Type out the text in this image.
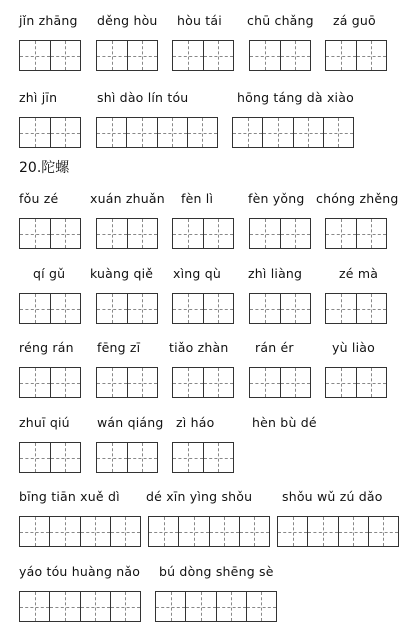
jǐn zhāng děng hòu hòu tái chū chǎng zá guō
zhì jīn	shì dào lín tóu	hōng táng dà xiào
20.陀螺
fǒu zé	xuán zhuǎn fèn lì	fèn yǒng chóng zhěng
qí gǔ kuàng qiě xìng qù zhì liàng	zé mà
réng rán fēng zī tiǎo zhàn rán ér	yù liào
zhuī qiú wán qiáng zì háo	hèn bù dé
bīng tiān xuě dì dé xīn yìng shǒu shǒu wǔ zú dǎo
yáo tóu huàng nǎo bú dòng shēng sè
